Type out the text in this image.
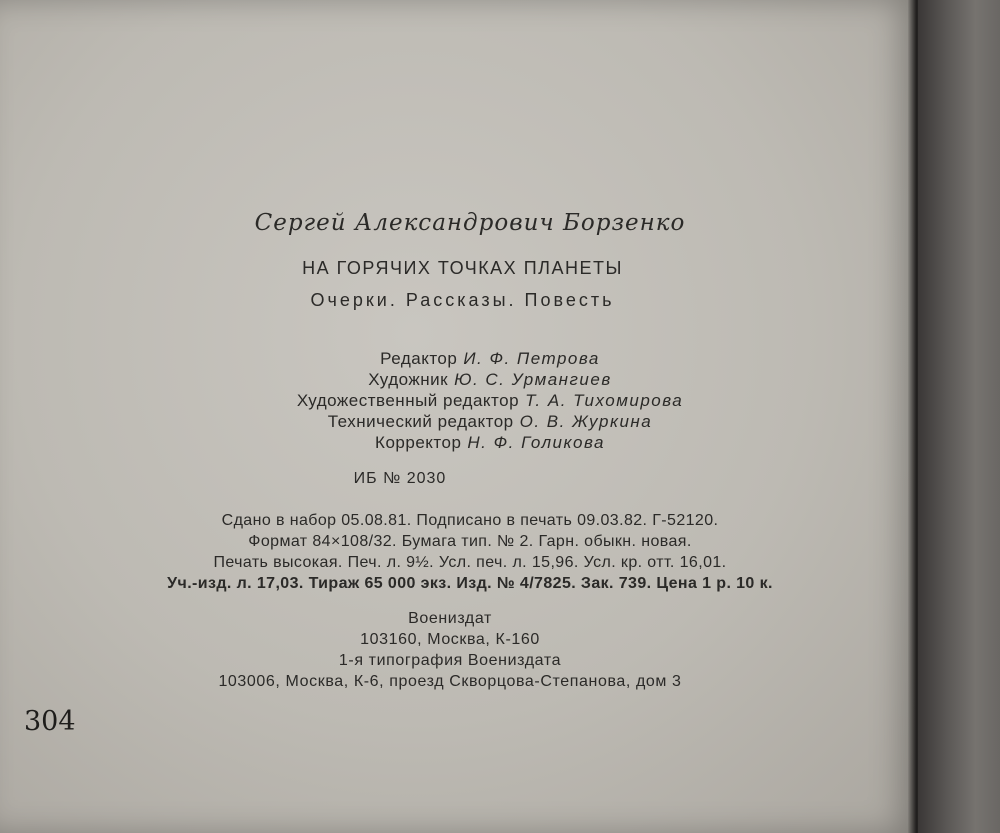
Сергей Александрович Борзенко
НА ГОРЯЧИХ ТОЧКАХ ПЛАНЕТЫ
Очерки. Рассказы. Повесть
Редактор И. Ф. Петрова
Художник Ю. С. Урмангиев
Художественный редактор Т. А. Тихомирова
Технический редактор О. В. Журкина
Корректор Н. Ф. Голикова
ИБ № 2030
Сдано в набор 05.08.81. Подписано в печать 09.03.82. Г-52120.
Формат 84×108/32. Бумага тип. № 2. Гарн. обыкн. новая.
Печать высокая. Печ. л. 9½. Усл. печ. л. 15,96. Усл. кр. отт. 16,01.
Уч.-изд. л. 17,03. Тираж 65 000 экз. Изд. № 4/7825. Зак. 739. Цена 1 р. 10 к.
Воениздат
103160, Москва, К-160
1-я типография Воениздата
103006, Москва, К-6, проезд Скворцова-Степанова, дом 3
304
